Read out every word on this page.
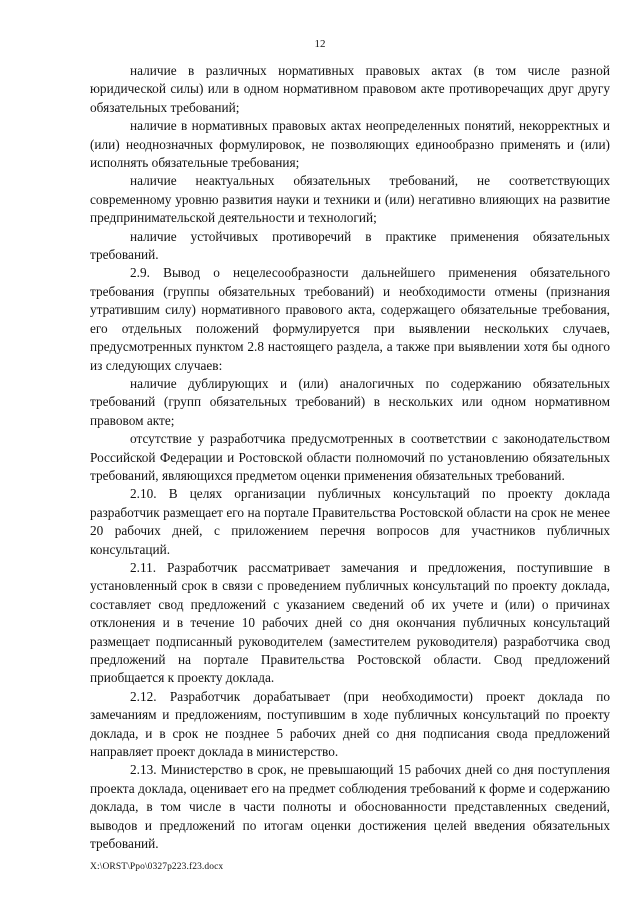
12

наличие в различных нормативных правовых актах (в том числе разной юридической силы) или в одном нормативном правовом акте противоречащих друг другу обязательных требований;

наличие в нормативных правовых актах неопределенных понятий, некорректных и (или) неоднозначных формулировок, не позволяющих единообразно применять и (или) исполнять обязательные требования;

наличие неактуальных обязательных требований, не соответствующих современному уровню развития науки и техники и (или) негативно влияющих на развитие предпринимательской деятельности и технологий;

наличие устойчивых противоречий в практике применения обязательных требований.

2.9. Вывод о нецелесообразности дальнейшего применения обязательного требования (группы обязательных требований) и необходимости отмены (признания утратившим силу) нормативного правового акта, содержащего обязательные требования, его отдельных положений формулируется при выявлении нескольких случаев, предусмотренных пунктом 2.8 настоящего раздела, а также при выявлении хотя бы одного из следующих случаев:

наличие дублирующих и (или) аналогичных по содержанию обязательных требований (групп обязательных требований) в нескольких или одном нормативном правовом акте;

отсутствие у разработчика предусмотренных в соответствии с законодательством Российской Федерации и Ростовской области полномочий по установлению обязательных требований, являющихся предметом оценки применения обязательных требований.

2.10. В целях организации публичных консультаций по проекту доклада разработчик размещает его на портале Правительства Ростовской области на срок не менее 20 рабочих дней, с приложением перечня вопросов для участников публичных консультаций.

2.11. Разработчик рассматривает замечания и предложения, поступившие в установленный срок в связи с проведением публичных консультаций по проекту доклада, составляет свод предложений с указанием сведений об их учете и (или) о причинах отклонения и в течение 10 рабочих дней со дня окончания публичных консультаций размещает подписанный руководителем (заместителем руководителя) разработчика свод предложений на портале Правительства Ростовской области. Свод предложений приобщается к проекту доклада.

2.12. Разработчик дорабатывает (при необходимости) проект доклада по замечаниям и предложениям, поступившим в ходе публичных консультаций по проекту доклада, и в срок не позднее 5 рабочих дней со дня подписания свода предложений направляет проект доклада в министерство.

2.13. Министерство в срок, не превышающий 15 рабочих дней со дня поступления проекта доклада, оценивает его на предмет соблюдения требований к форме и содержанию доклада, в том числе в части полноты и обоснованности представленных сведений, выводов и предложений по итогам оценки достижения целей введения обязательных требований.

X:\ORST\Ppo\0327p223.f23.docx
